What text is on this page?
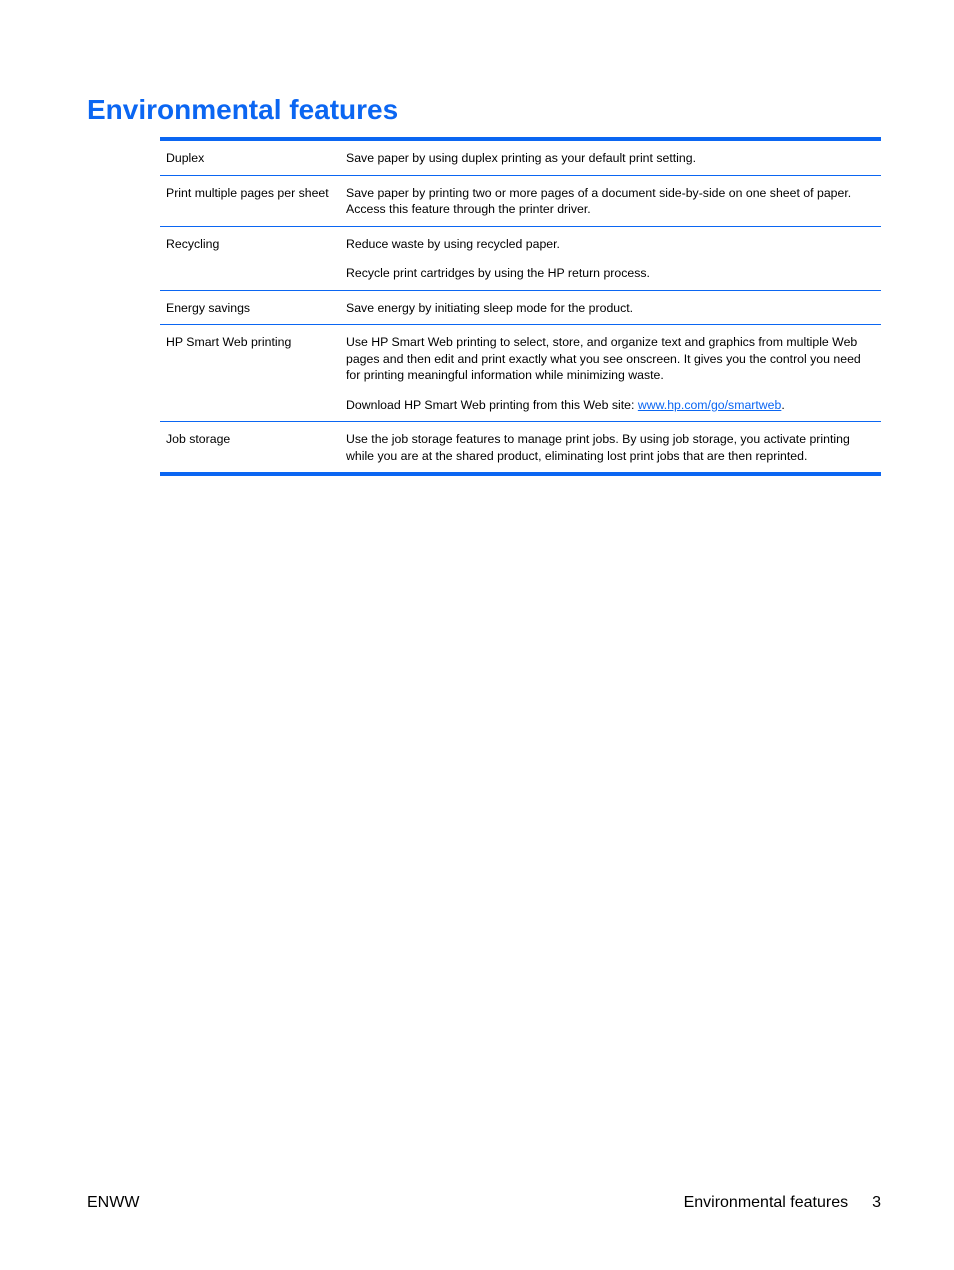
Environmental features
Duplex	Save paper by using duplex printing as your default print setting.

Print multiple pages per sheet	Save paper by printing two or more pages of a document side-by-side on one sheet of paper. Access this feature through the printer driver.

Recycling	Reduce waste by using recycled paper.

Recycle print cartridges by using the HP return process.

Energy savings	Save energy by initiating sleep mode for the product.

HP Smart Web printing	Use HP Smart Web printing to select, store, and organize text and graphics from multiple Web pages and then edit and print exactly what you see onscreen. It gives you the control you need for printing meaningful information while minimizing waste.

Download HP Smart Web printing from this Web site: www.hp.com/go/smartweb.

Job storage	Use the job storage features to manage print jobs. By using job storage, you activate printing while you are at the shared product, eliminating lost print jobs that are then reprinted.

ENWW	Environmental features 3
